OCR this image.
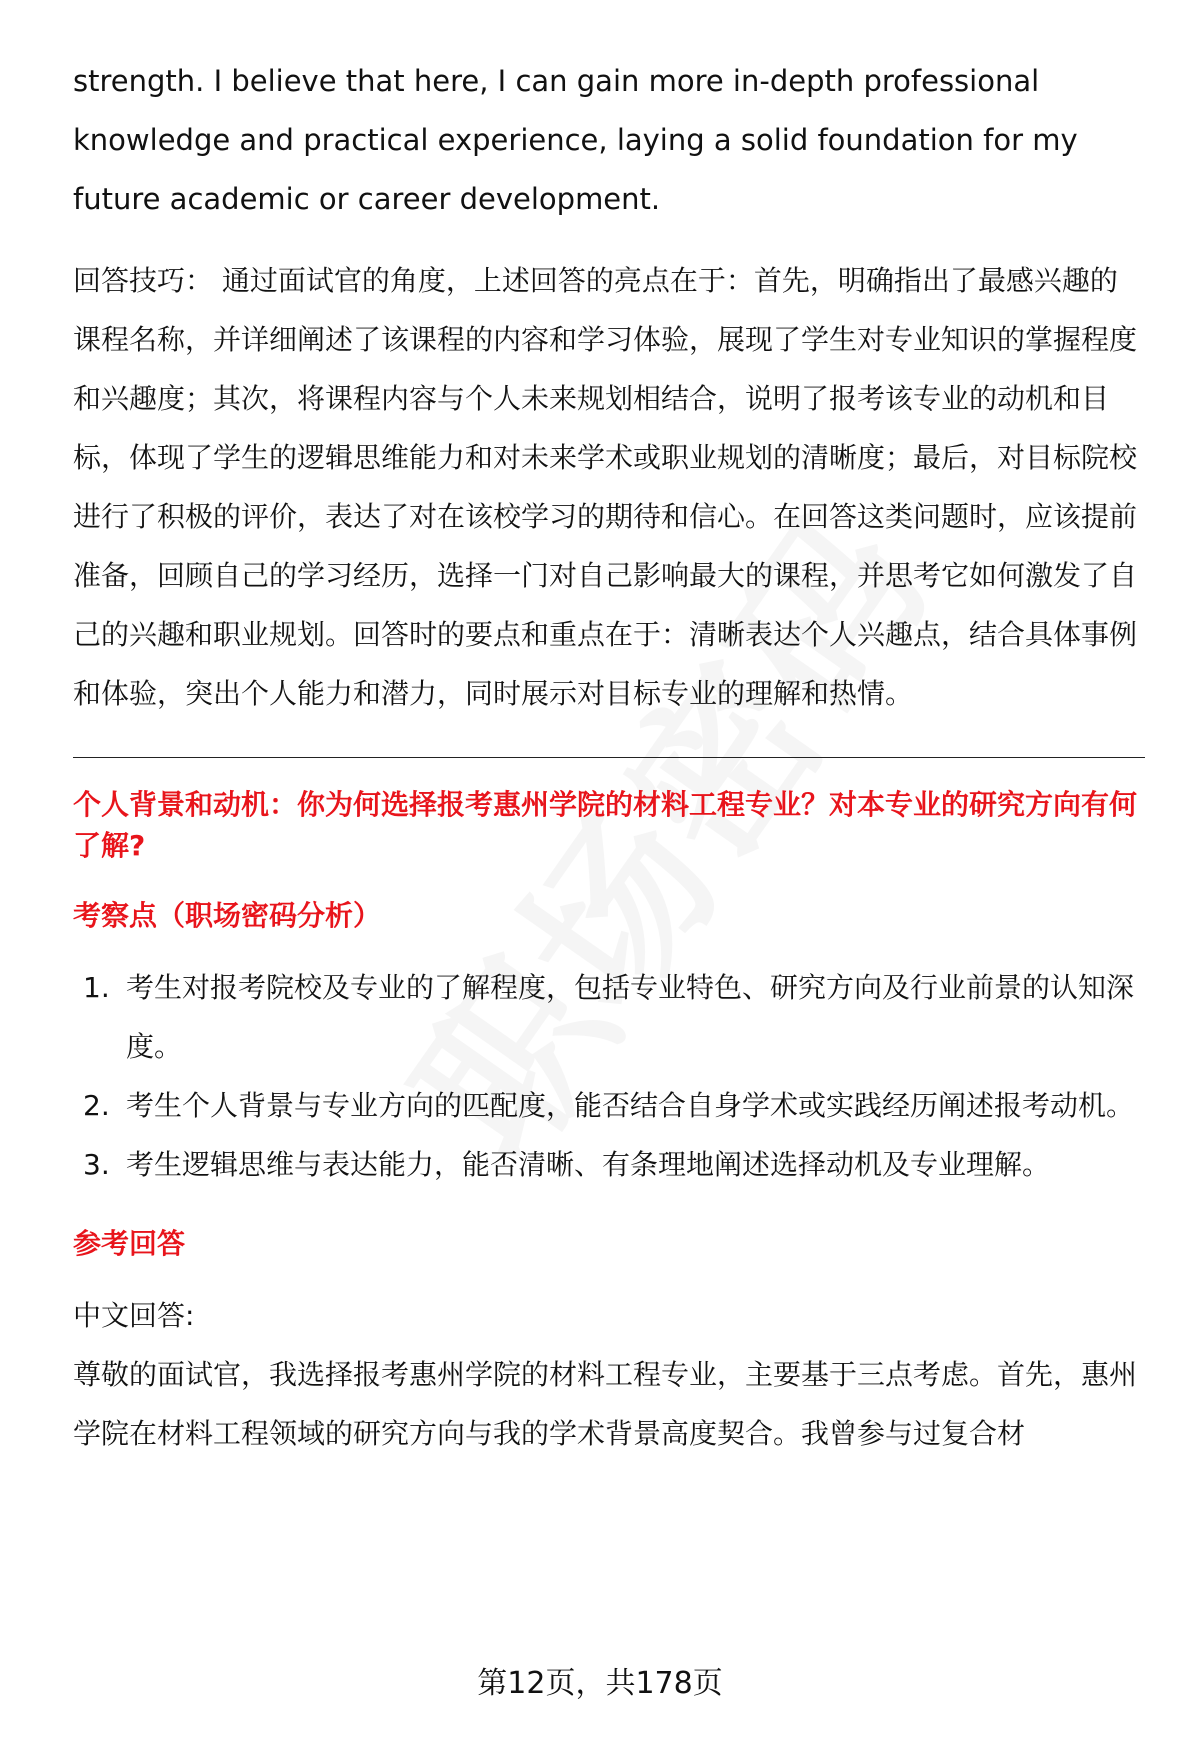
strength. I believe that here, I can gain more in-depth professional knowledge and practical experience, laying a solid foundation for my future academic or career development.

回答技巧： 通过面试官的角度，上述回答的亮点在于：首先，明确指出了最感兴趣的课程名称，并详细阐述了该课程的内容和学习体验，展现了学生对专业知识的掌握程度和兴趣度；其次，将课程内容与个人未来规划相结合，说明了报考该专业的动机和目标，体现了学生的逻辑思维能力和对未来学术或职业规划的清晰度；最后，对目标院校进行了积极的评价，表达了对在该校学习的期待和信心。在回答这类问题时，应该提前准备，回顾自己的学习经历，选择一门对自己影响最大的课程，并思考它如何激发了自己的兴趣和职业规划。回答时的要点和重点在于：清晰表达个人兴趣点，结合具体事例和体验，突出个人能力和潜力，同时展示对目标专业的理解和热情。

个人背景和动机：你为何选择报考惠州学院的材料工程专业？对本专业的研究方向有何了解?

考察点（职场密码分析）
1. 考生对报考院校及专业的了解程度，包括专业特色、研究方向及行业前景的认知深度。
2. 考生个人背景与专业方向的匹配度，能否结合自身学术或实践经历阐述报考动机。
3. 考生逻辑思维与表达能力，能否清晰、有条理地阐述选择动机及专业理解。
参考回答

中文回答:

尊敬的面试官，我选择报考惠州学院的材料工程专业，主要基于三点考虑。首先，惠州学院在材料工程领域的研究方向与我的学术背景高度契合。我曾参与过复合材

第12页，共178页
